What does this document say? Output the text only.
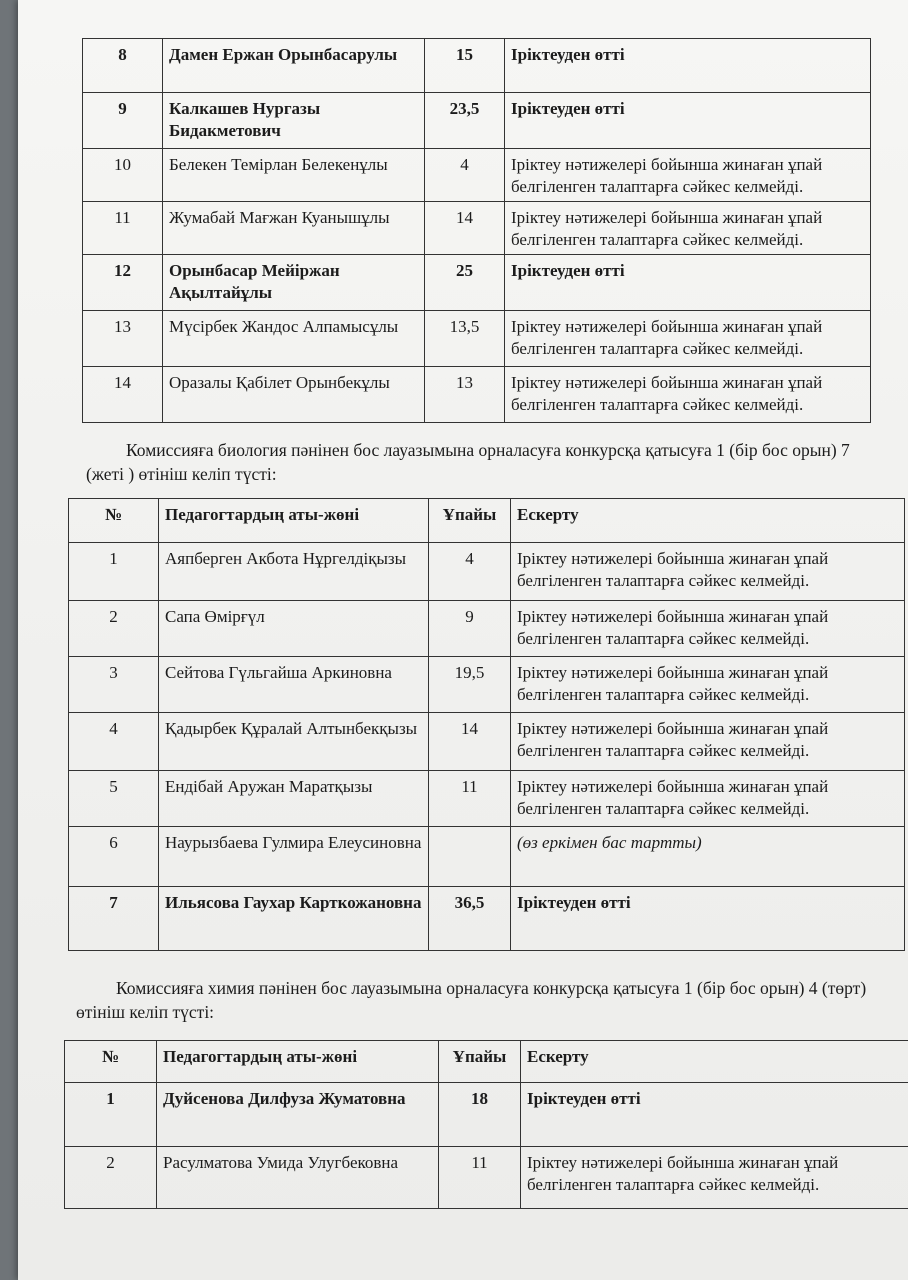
8	Дамен Ержан Орынбасарулы	15	Іріктеуден өтті
9	Калкашев Нургазы Бидакметович	23,5	Іріктеуден өтті
10	Белекен Темірлан Белекенұлы	4	Іріктеу нәтижелері бойынша жинаған ұпай белгіленген талаптарға сәйкес келмейді.
11	Жумабай Мағжан Куанышұлы	14	Іріктеу нәтижелері бойынша жинаған ұпай белгіленген талаптарға сәйкес келмейді.
12	Орынбасар Мейіржан Ақылтайұлы	25	Іріктеуден өтті
13	Мүсірбек Жандос Алпамысұлы	13,5	Іріктеу нәтижелері бойынша жинаған ұпай белгіленген талаптарға сәйкес келмейді.
14	Оразалы Қабілет Орынбекұлы	13	Іріктеу нәтижелері бойынша жинаған ұпай белгіленген талаптарға сәйкес келмейді.
Комиссияға биология пәнінен бос лауазымына орналасуға конкурсқа қатысуға 1 (бір бос орын) 7 (жеті ) өтініш келіп түсті:
№	Педагогтардың аты-жөні	Ұпайы	Ескерту
1	Аяпберген Акбота Нұргелдіқызы	4	Іріктеу нәтижелері бойынша жинаған ұпай белгіленген талаптарға сәйкес келмейді.
2	Сапа Өмірғүл	9	Іріктеу нәтижелері бойынша жинаған ұпай белгіленген талаптарға сәйкес келмейді.
3	Сейтова Гүльгайша Аркиновна	19,5	Іріктеу нәтижелері бойынша жинаған ұпай белгіленген талаптарға сәйкес келмейді.
4	Қадырбек Құралай Алтынбекқызы	14	Іріктеу нәтижелері бойынша жинаған ұпай белгіленген талаптарға сәйкес келмейді.
5	Ендібай Аружан Маратқызы	11	Іріктеу нәтижелері бойынша жинаған ұпай белгіленген талаптарға сәйкес келмейді.
6	Наурызбаева Гулмира Елеусиновна		(өз еркімен бас тартты)
7	Ильясова Гаухар Карткожановна	36,5	Іріктеуден өтті
Комиссияға химия пәнінен бос лауазымына орналасуға конкурсқа қатысуға 1 (бір бос орын) 4 (төрт) өтініш келіп түсті:
№	Педагогтардың аты-жөні	Ұпайы	Ескерту
1	Дуйсенова Дилфуза Жуматовна	18	Іріктеуден өтті
2	Расулматова Умида Улугбековна	11	Іріктеу нәтижелері бойынша жинаған ұпай белгіленген талаптарға сәйкес келмейді.
